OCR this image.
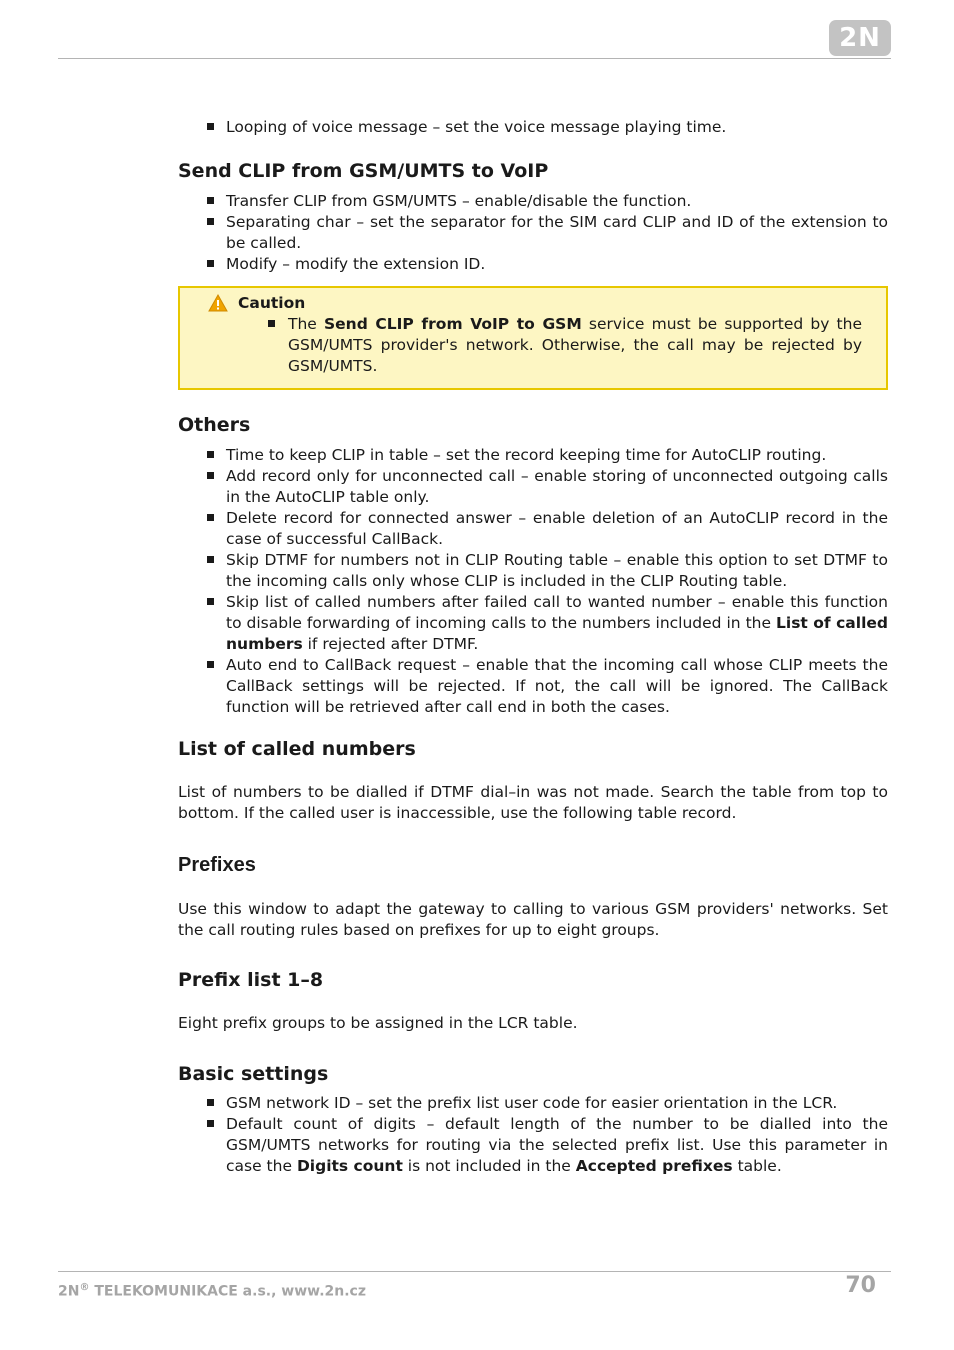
2N
Looping of voice message – set the voice message playing time.
Send CLIP from GSM/UMTS to VoIP
Transfer CLIP from GSM/UMTS – enable/disable the function.
Separating char – set the separator for the SIM card CLIP and ID of the extension to be called.
Modify – modify the extension ID.
Caution
The Send CLIP from VoIP to GSM service must be supported by the GSM/UMTS provider's network. Otherwise, the call may be rejected by GSM/UMTS.
Others
Time to keep CLIP in table – set the record keeping time for AutoCLIP routing.
Add record only for unconnected call – enable storing of unconnected outgoing calls in the AutoCLIP table only.
Delete record for connected answer – enable deletion of an AutoCLIP record in the case of successful CallBack.
Skip DTMF for numbers not in CLIP Routing table – enable this option to set DTMF to the incoming calls only whose CLIP is included in the CLIP Routing table.
Skip list of called numbers after failed call to wanted number – enable this function to disable forwarding of incoming calls to the numbers included in the List of called numbers if rejected after DTMF.
Auto end to CallBack request – enable that the incoming call whose CLIP meets the CallBack settings will be rejected. If not, the call will be ignored. The CallBack function will be retrieved after call end in both the cases.
List of called numbers

List of numbers to be dialled if DTMF dial–in was not made. Search the table from top to bottom. If the called user is inaccessible, use the following table record.

Prefixes

Use this window to adapt the gateway to calling to various GSM providers' networks. Set the call routing rules based on prefixes for up to eight groups.

Prefix list 1–8

Eight prefix groups to be assigned in the LCR table.

Basic settings
GSM network ID – set the prefix list user code for easier orientation in the LCR.
Default count of digits – default length of the number to be dialled into the GSM/UMTS networks for routing via the selected prefix list. Use this parameter in case the Digits count is not included in the Accepted prefixes table.
2N® TELEKOMUNIKACE a.s., www.2n.cz	70
